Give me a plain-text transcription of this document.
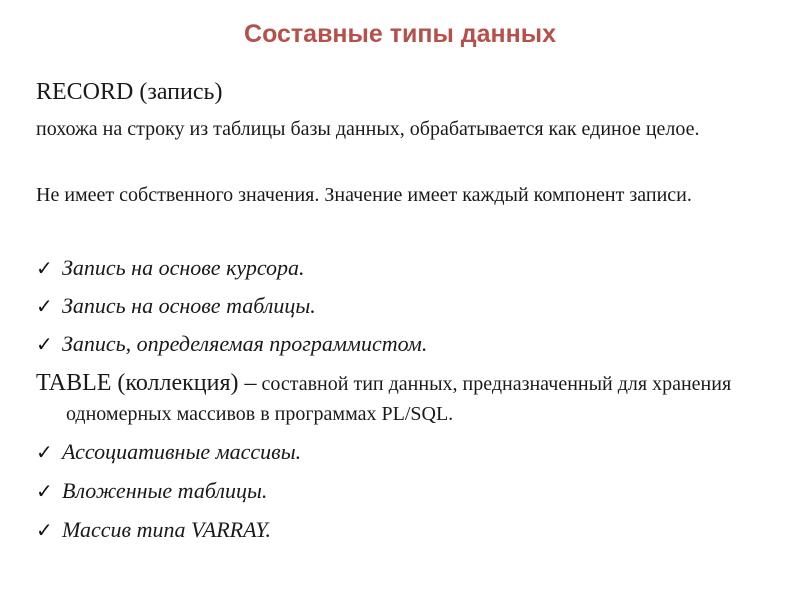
Составные типы данных
RECORD (запись)
похожа на строку из таблицы базы данных, обрабатывается как единое целое.
Не имеет собственного значения. Значение имеет каждый компонент записи.
✓ Запись на основе курсора.
✓ Запись на основе таблицы.
✓ Запись, определяемая программистом.
TABLE (коллекция) – составной тип данных, предназначенный для хранения одномерных массивов в программах PL/SQL.
✓ Ассоциативные массивы.
✓ Вложенные таблицы.
✓ Массив типа VARRAY.
